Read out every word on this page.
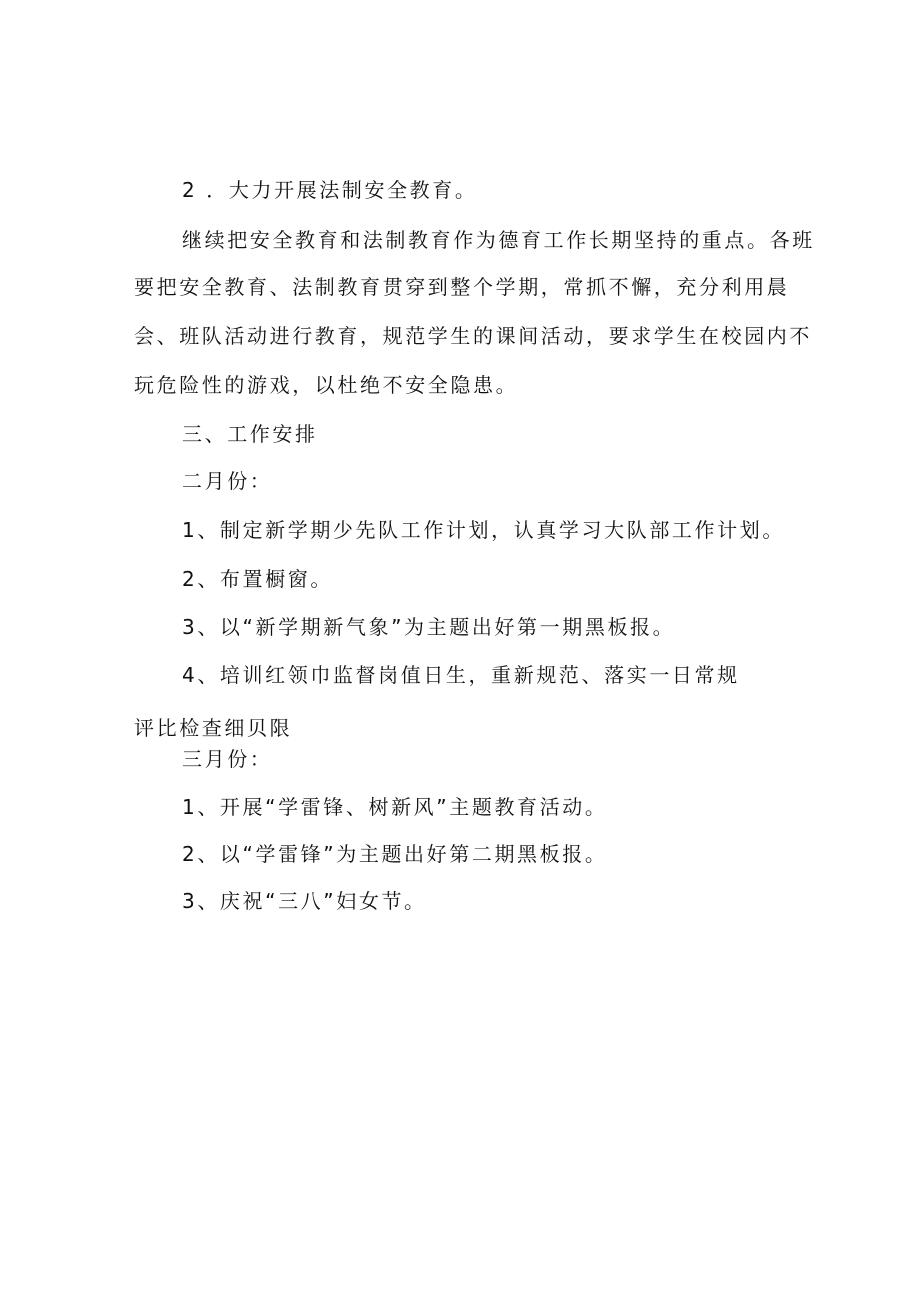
2 ．大力开展法制安全教育。
继续把安全教育和法制教育作为德育工作长期坚持的重点。各班
要把安全教育、法制教育贯穿到整个学期，常抓不懈，充分利用晨
会、班队活动进行教育，规范学生的课间活动，要求学生在校园内不
玩危险性的游戏，以杜绝不安全隐患。
三、工作安排
二月份：
1、制定新学期少先队工作计划，认真学习大队部工作计划。
2、布置橱窗。
3、以“新学期新气象”为主题出好第一期黑板报。
4、培训红领巾监督岗值日生，重新规范、落实一日常规
评比检查细贝限
三月份：
1、开展“学雷锋、树新风”主题教育活动。
2、以“学雷锋”为主题出好第二期黑板报。
3、庆祝“三八”妇女节。
